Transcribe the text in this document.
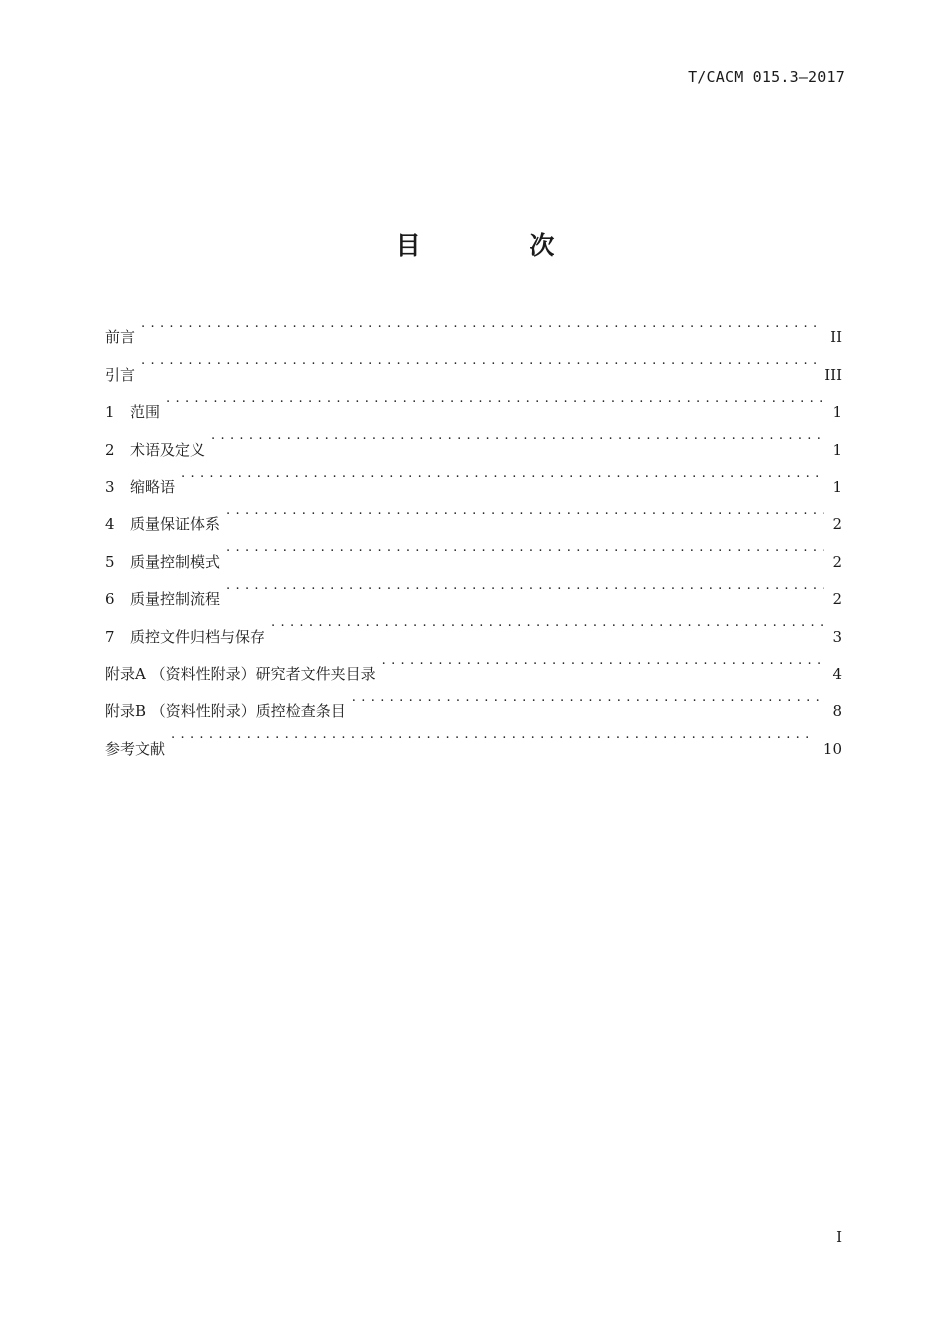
T/CACM 015.3—2017
目 次
前言 . . .	II
引言 . . .	III
1	范围 . . .	1
2	术语及定义 . . .	1
3	缩略语 . . .	1
4	质量保证体系 . . .	2
5	质量控制模式 . . .	2
6	质量控制流程 . . .	2
7	质控文件归档与保存 . . .	3
附录A （资料性附录）研究者文件夹目录 . . .	4
附录B （资料性附录）质控检查条目 . . .	8
参考文献 . . .	10
I
